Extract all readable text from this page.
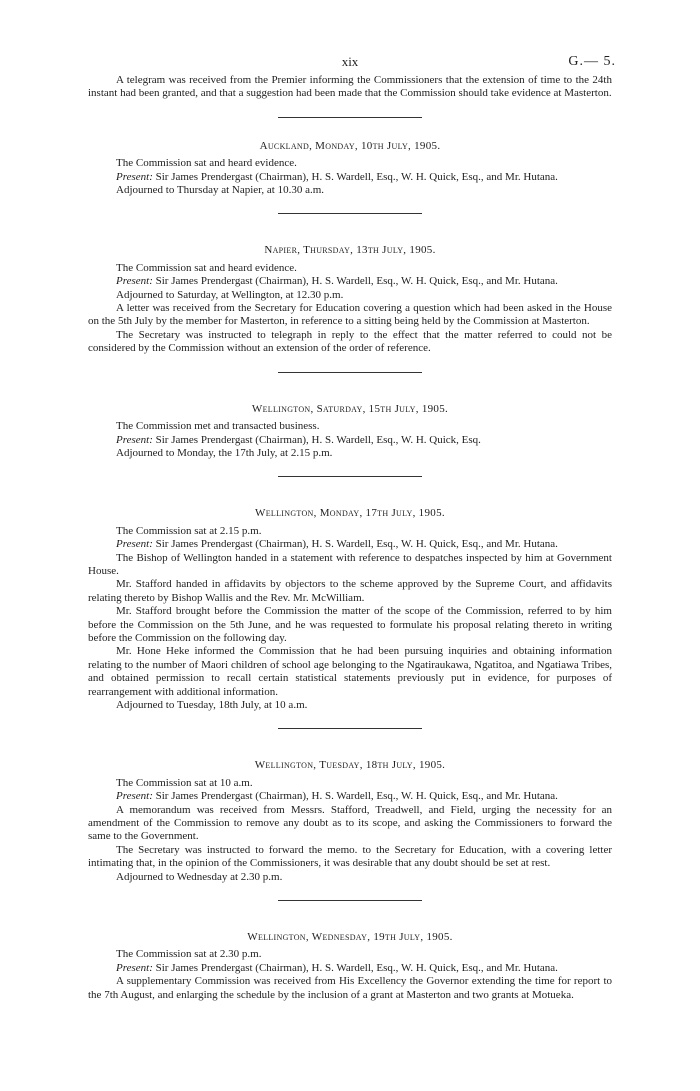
xix	G.— 5.

A telegram was received from the Premier informing the Commissioners that the extension of time to the 24th instant had been granted, and that a suggestion had been made that the Commission should take evidence at Masterton.

Auckland, Monday, 10th July, 1905.

The Commission sat and heard evidence.

Present: Sir James Prendergast (Chairman), H. S. Wardell, Esq., W. H. Quick, Esq., and Mr. Hutana.

Adjourned to Thursday at Napier, at 10.30 a.m.

Napier, Thursday, 13th July, 1905.

The Commission sat and heard evidence.

Present: Sir James Prendergast (Chairman), H. S. Wardell, Esq., W. H. Quick, Esq., and Mr. Hutana.

Adjourned to Saturday, at Wellington, at 12.30 p.m.

A letter was received from the Secretary for Education covering a question which had been asked in the House on the 5th July by the member for Masterton, in reference to a sitting being held by the Commission at Masterton.

The Secretary was instructed to telegraph in reply to the effect that the matter referred to could not be considered by the Commission without an extension of the order of reference.

Wellington, Saturday, 15th July, 1905.

The Commission met and transacted business.

Present: Sir James Prendergast (Chairman), H. S. Wardell, Esq., W. H. Quick, Esq.

Adjourned to Monday, the 17th July, at 2.15 p.m.

Wellington, Monday, 17th July, 1905.

The Commission sat at 2.15 p.m.

Present: Sir James Prendergast (Chairman), H. S. Wardell, Esq., W. H. Quick, Esq., and Mr. Hutana.

The Bishop of Wellington handed in a statement with reference to despatches inspected by him at Government House.

Mr. Stafford handed in affidavits by objectors to the scheme approved by the Supreme Court, and affidavits relating thereto by Bishop Wallis and the Rev. Mr. McWilliam.

Mr. Stafford brought before the Commission the matter of the scope of the Commission, referred to by him before the Commission on the 5th June, and he was requested to formulate his proposal relating thereto in writing before the Commission on the following day.

Mr. Hone Heke informed the Commission that he had been pursuing inquiries and obtaining information relating to the number of Maori children of school age belonging to the Ngatiraukawa, Ngatitoa, and Ngatiawa Tribes, and obtained permission to recall certain statistical statements previously put in evidence, for purposes of rearrangement with additional information.

Adjourned to Tuesday, 18th July, at 10 a.m.

Wellington, Tuesday, 18th July, 1905.

The Commission sat at 10 a.m.

Present: Sir James Prendergast (Chairman), H. S. Wardell, Esq., W. H. Quick, Esq., and Mr. Hutana.

A memorandum was received from Messrs. Stafford, Treadwell, and Field, urging the necessity for an amendment of the Commission to remove any doubt as to its scope, and asking the Commissioners to forward the same to the Government.

The Secretary was instructed to forward the memo. to the Secretary for Education, with a covering letter intimating that, in the opinion of the Commissioners, it was desirable that any doubt should be set at rest.

Adjourned to Wednesday at 2.30 p.m.

Wellington, Wednesday, 19th July, 1905.

The Commission sat at 2.30 p.m.

Present: Sir James Prendergast (Chairman), H. S. Wardell, Esq., W. H. Quick, Esq., and Mr. Hutana.

A supplementary Commission was received from His Excellency the Governor extending the time for report to the 7th August, and enlarging the schedule by the inclusion of a grant at Masterton and two grants at Motueka.
